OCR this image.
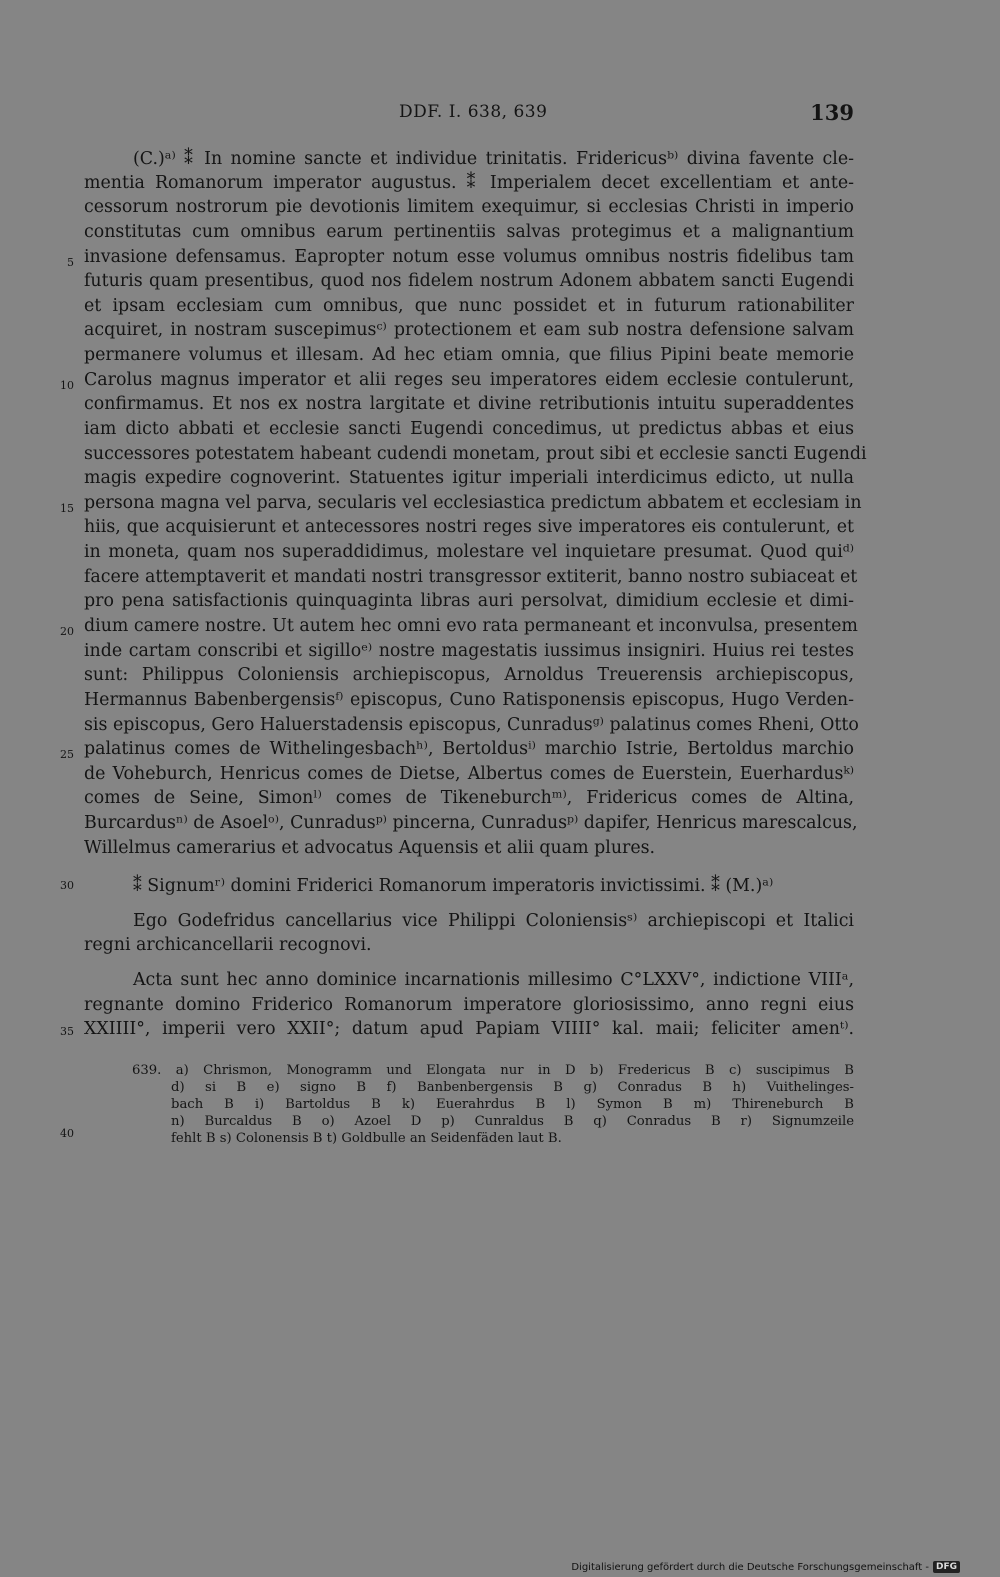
DDF. I. 638, 639	139
(C.)ᵃ⁾ ⁑ In nomine sancte et individue trinitatis. Fridericusᵇ⁾ divina favente cle-
mentia Romanorum imperator augustus. ⁑ Imperialem decet excellentiam et ante-
cessorum nostrorum pie devotionis limitem exequimur, si ecclesias Christi in imperio
constitutas cum omnibus earum pertinentiis salvas protegimus et a malignantium
invasione defensamus. Eapropter notum esse volumus omnibus nostris fidelibus tam
futuris quam presentibus, quod nos fidelem nostrum Adonem abbatem sancti Eugendi
et ipsam ecclesiam cum omnibus, que nunc possidet et in futurum rationabiliter
acquiret, in nostram suscepimusᶜ⁾ protectionem et eam sub nostra defensione salvam
permanere volumus et illesam. Ad hec etiam omnia, que filius Pipini beate memorie
Carolus magnus imperator et alii reges seu imperatores eidem ecclesie contulerunt,
confirmamus. Et nos ex nostra largitate et divine retributionis intuitu superaddentes
iam dicto abbati et ecclesie sancti Eugendi concedimus, ut predictus abbas et eius
successores potestatem habeant cudendi monetam, prout sibi et ecclesie sancti Eugendi
magis expedire cognoverint. Statuentes igitur imperiali interdicimus edicto, ut nulla
persona magna vel parva, secularis vel ecclesiastica predictum abbatem et ecclesiam in
hiis, que acquisierunt et antecessores nostri reges sive imperatores eis contulerunt, et
in moneta, quam nos superaddidimus, molestare vel inquietare presumat. Quod quiᵈ⁾
facere attemptaverit et mandati nostri transgressor extiterit, banno nostro subiaceat et
pro pena satisfactionis quinquaginta libras auri persolvat, dimidium ecclesie et dimi-
dium camere nostre. Ut autem hec omni evo rata permaneant et inconvulsa, presentem
inde cartam conscribi et sigilloᵉ⁾ nostre magestatis iussimus insigniri. Huius rei testes
sunt: Philippus Coloniensis archiepiscopus, Arnoldus Treuerensis archiepiscopus,
Hermannus Babenbergensisᶠ⁾ episcopus, Cuno Ratisponensis episcopus, Hugo Verden-
sis episcopus, Gero Haluerstadensis episcopus, Cunradusᵍ⁾ palatinus comes Rheni, Otto
palatinus comes de Withelingesbachʰ⁾, Bertoldusⁱ⁾ marchio Istrie, Bertoldus marchio
de Voheburch, Henricus comes de Dietse, Albertus comes de Euerstein, Euerhardusᵏ⁾
comes de Seine, Simonˡ⁾ comes de Tikeneburchᵐ⁾, Fridericus comes de Altina,
Burcardusⁿ⁾ de Asoelᵒ⁾, Cunradusᵖ⁾ pincerna, Cunradusᵖ⁾ dapifer, Henricus marescalcus,
Willelmus camerarius et advocatus Aquensis et alii quam plures.
⁑ Signumʳ⁾ domini Friderici Romanorum imperatoris invictissimi. ⁑ (M.)ᵃ⁾
Ego Godefridus cancellarius vice Philippi Coloniensisˢ⁾ archiepiscopi et Italici
regni archicancellarii recognovi.
Acta sunt hec anno dominice incarnationis millesimo C°LXXV°, indictione VIIIᵃ,
regnante domino Friderico Romanorum imperatore gloriosissimo, anno regni eius
XXIIII°, imperii vero XXII°; datum apud Papiam VIIII° kal. maii; feliciter amenᵗ⁾.
5
10
15
20
25
30
35
40
639. a) Chrismon, Monogramm und Elongata nur in D b) Fredericus B c) suscipimus B
d) si B e) signo B f) Banbenbergensis B g) Conradus B h) Vuithelinges-
bach B i) Bartoldus B k) Euerahrdus B l) Symon B m) Thireneburch B
n) Burcaldus B o) Azoel D p) Cunraldus B q) Conradus B r) Signumzeile
fehlt B s) Colonensis B t) Goldbulle an Seidenfäden laut B.
Digitalisierung gefördert durch die Deutsche Forschungsgemeinschaft - DFG
